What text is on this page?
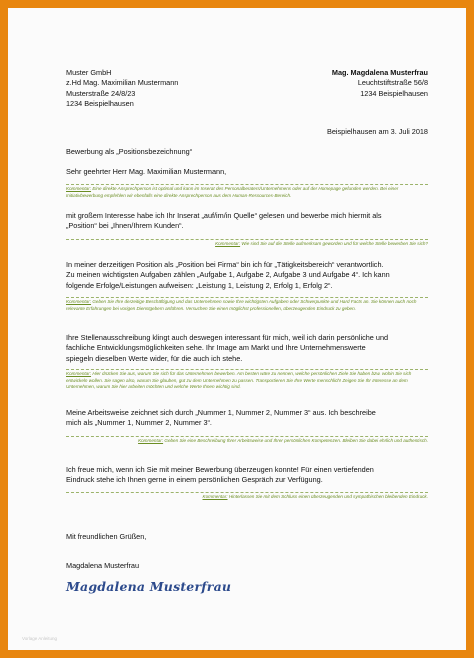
Muster GmbH
z.Hd Mag. Maximilian Mustermann
Musterstraße 24/8/23
1234 Beispielhausen
Mag. Magdalena Musterfrau
Leuchtstiftstraße 56/8
1234 Beispielhausen
Beispielhausen am 3. Juli 2018
Bewerbung als „Positionsbezeichnung“
Sehr geehrter Herr Mag. Maximilian Mustermann,
Kommentar: Eine direkte Ansprechperson ist optimal und kann im Inserat des Personalberaters/Unternehmens oder auf der Homepage gefunden werden. Bei einer Initiativbewerbung empfehlen wir ebenfalls eine direkte Ansprechperson aus dem Human-Ressources-Bereich.
mit großem Interesse habe ich Ihr Inserat „auf/im/in Quelle“ gelesen und bewerbe mich hiermit als
„Position“ bei „Ihnen/Ihrem Kunden“.
Kommentar: Wie sind Sie auf die Stelle aufmerksam geworden und für welche Stelle bewerben Sie sich?
In meiner derzeitigen Position als „Position bei Firma“ bin ich für „Tätigkeitsbereich“ verantwortlich.
Zu meinen wichtigsten Aufgaben zählen „Aufgabe 1, Aufgabe 2, Aufgabe 3 und Aufgabe 4“. Ich kann
folgende Erfolge/Leistungen aufweisen: „Leistung 1, Leistung 2, Erfolg 1, Erfolg 2“.
Kommentar: Geben Sie Ihre derzeitige Beschäftigung und das Unternehmen sowie Ihre wichtigsten Aufgaben oder Schwerpunkte und Hard Facts an. Sie können auch noch relevante Erfahrungen bei vorigen Dienstgebern anführen. Versuchen Sie einen möglichst professionellen, überzeugenden Eindruck zu geben.
Ihre Stellenausschreibung klingt auch deswegen interessant für mich, weil ich darin persönliche und
fachliche Entwicklungsmöglichkeiten sehe. Ihr Image am Markt und Ihre Unternehmenswerte
spiegeln dieselben Werte wider, für die auch ich stehe.
Kommentar: Hier drücken Sie aus, warum Sie sich für das Unternehmen bewerben. Am besten wäre zu nennen, welche persönlichen Ziele Sie haben bzw. wohin Sie sich entwickeln wollen. Sie sagen also, warum Sie glauben, gut zu dem Unternehmen zu passen. Transportieren Sie Ihre Werte menschlich! Zeigen Sie Ihr Interesse an dem Unternehmen, warum Sie hier arbeiten möchten und welche Werte Ihnen wichtig sind.
Meine Arbeitsweise zeichnet sich durch „Nummer 1, Nummer 2, Nummer 3“ aus. Ich beschreibe
mich als „Nummer 1, Nummer 2, Nummer 3“.
Kommentar: Geben Sie eine Beschreibung Ihrer Arbeitsweise und Ihrer persönlichen Kompetenzen. Bleiben Sie dabei ehrlich und authentisch.
Ich freue mich, wenn ich Sie mit meiner Bewerbung überzeugen konnte! Für einen vertiefenden
Eindruck stehe ich Ihnen gerne in einem persönlichen Gespräch zur Verfügung.
Kommentar: Hinterlassen Sie mit dem Schluss einen überzeugenden und sympathischen bleibenden Eindruck.
Mit freundlichen Grüßen,
Magdalena Musterfrau
Magdalena Musterfrau
Vorlage Anleitung
